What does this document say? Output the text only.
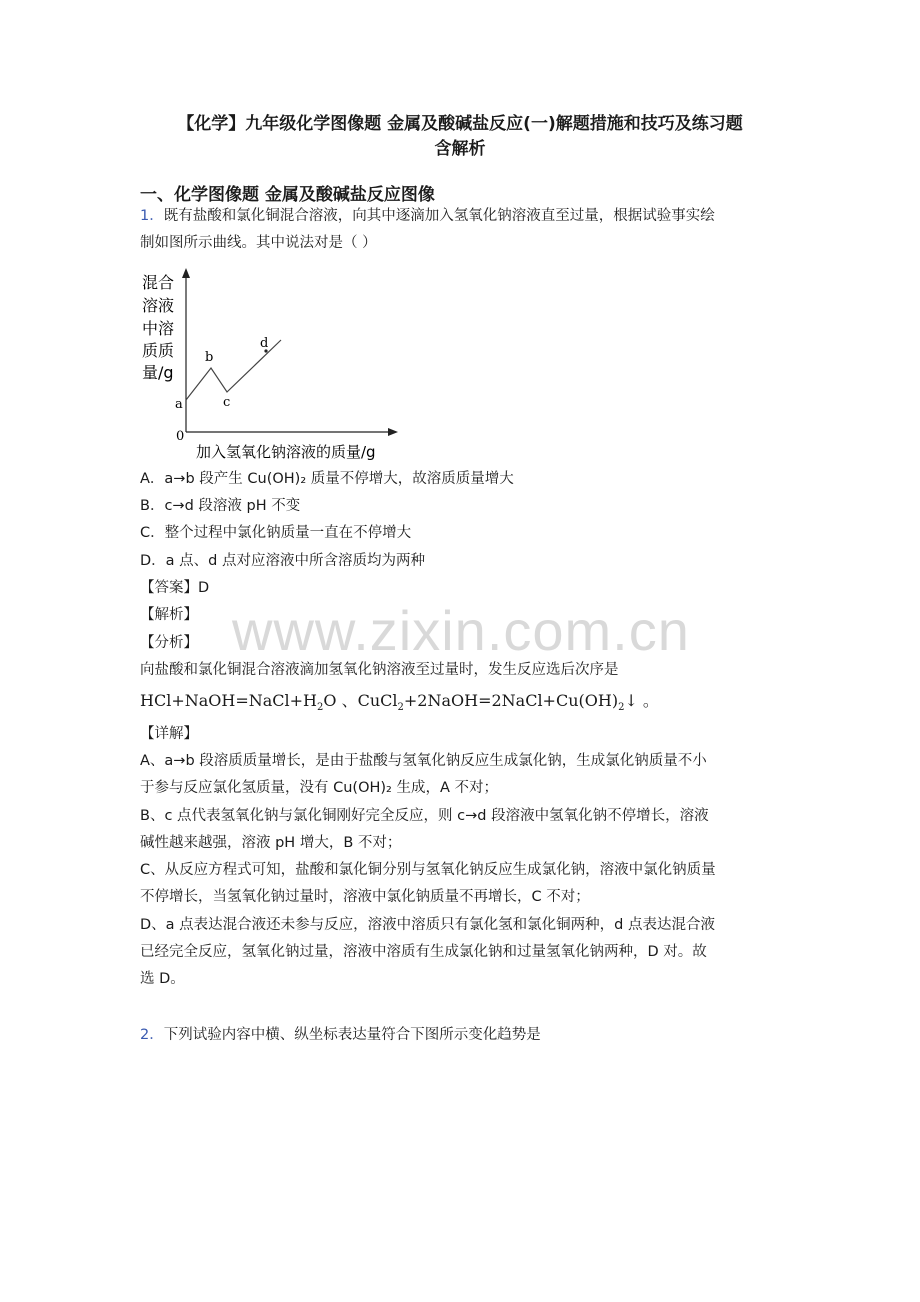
【化学】九年级化学图像题 金属及酸碱盐反应(一)解题措施和技巧及练习题
含解析
一、化学图像题 金属及酸碱盐反应图像
1．既有盐酸和氯化铜混合溶液，向其中逐滴加入氢氧化钠溶液直至过量，根据试验事实绘
制如图所示曲线。其中说法对是（ ）
混合
溶液
中溶
质质
量/g
a
b
c
d
0
加入氢氧化钠溶液的质量/g
A．a→b 段产生 Cu(OH)₂ 质量不停增大，故溶质质量增大
B．c→d 段溶液 pH 不变
C．整个过程中氯化钠质量一直在不停增大
D．a 点、d 点对应溶液中所含溶质均为两种
【答案】D
【解析】
【分析】
向盐酸和氯化铜混合溶液滴加氢氧化钠溶液至过量时，发生反应选后次序是
$HCl+NaOH=NaCl+H_2O$ 、$CuCl_2+2NaOH=2NaCl+Cu(OH)_2↓$ 。
【详解】
A、a→b 段溶质质量增长，是由于盐酸与氢氧化钠反应生成氯化钠，生成氯化钠质量不小
于参与反应氯化氢质量，没有 Cu(OH)₂ 生成，A 不对；
B、c 点代表氢氧化钠与氯化铜刚好完全反应，则 c→d 段溶液中氢氧化钠不停增长，溶液
碱性越来越强，溶液 pH 增大，B 不对；
C、从反应方程式可知，盐酸和氯化铜分别与氢氧化钠反应生成氯化钠，溶液中氯化钠质量
不停增长，当氢氧化钠过量时，溶液中氯化钠质量不再增长，C 不对；
D、a 点表达混合液还未参与反应，溶液中溶质只有氯化氢和氯化铜两种，d 点表达混合液
已经完全反应，氢氧化钠过量，溶液中溶质有生成氯化钠和过量氢氧化钠两种，D 对。故
选 D。
2．下列试验内容中横、纵坐标表达量符合下图所示变化趋势是
www.zixin.com.cn
